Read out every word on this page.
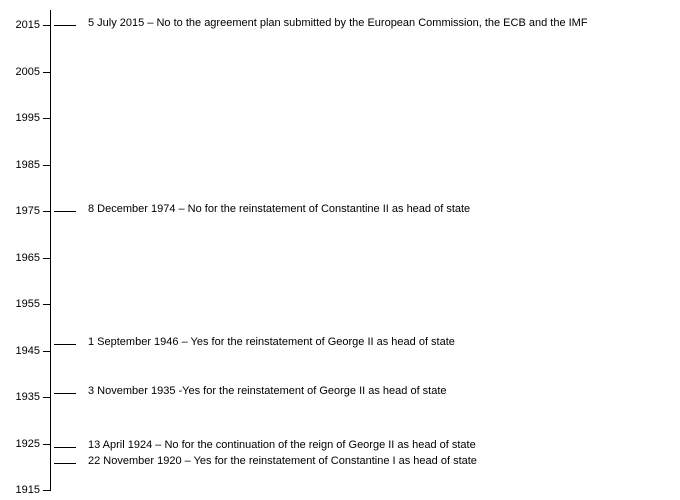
2015
2005
1995
1985
1975
1965
1955
1945
1935
1925
1915
5 July 2015 – No to the agreement plan submitted by the European Commission, the ECB and the IMF
8 December 1974 – No for the reinstatement of Constantine II as head of state
1 September 1946 – Yes for the reinstatement of George II as head of state
3 November 1935 -Yes for the reinstatement of George II as head of state
13 April 1924 – No for the continuation of the reign of George II as head of state
22 November 1920 – Yes for the reinstatement of Constantine I as head of state
